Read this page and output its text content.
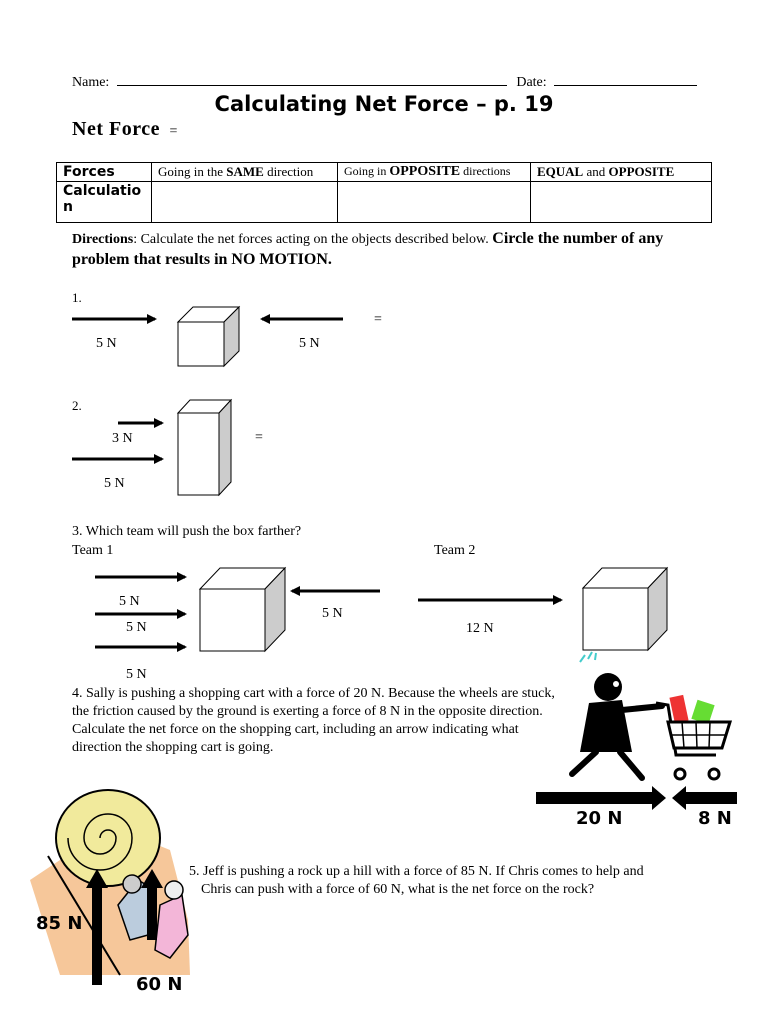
Name:	Date:
Calculating Net Force – p. 19
Net Force =
Forces	Going in the SAME direction	Going in OPPOSITE directions	EQUAL and OPPOSITE
Calculation			
Directions: Calculate the net forces acting on the objects described below. Circle the number of any problem that results in NO MOTION.
1.
5 N	5 N
=
2.
3 N
5 N
=
3. Which team will push the box farther?
Team 1	Team 2
5 N
5 N
5 N
5 N
12 N
4. Sally is pushing a shopping cart with a force of 20 N. Because the wheels are stuck, the friction caused by the ground is exerting a force of 8 N in the opposite direction. Calculate the net force on the shopping cart, including an arrow indicating what direction the shopping cart is going.
20 N	8 N
5. Jeff is pushing a rock up a hill with a force of 85 N. If Chris comes to help and
Chris can push with a force of 60 N, what is the net force on the rock?
85 N
60 N
